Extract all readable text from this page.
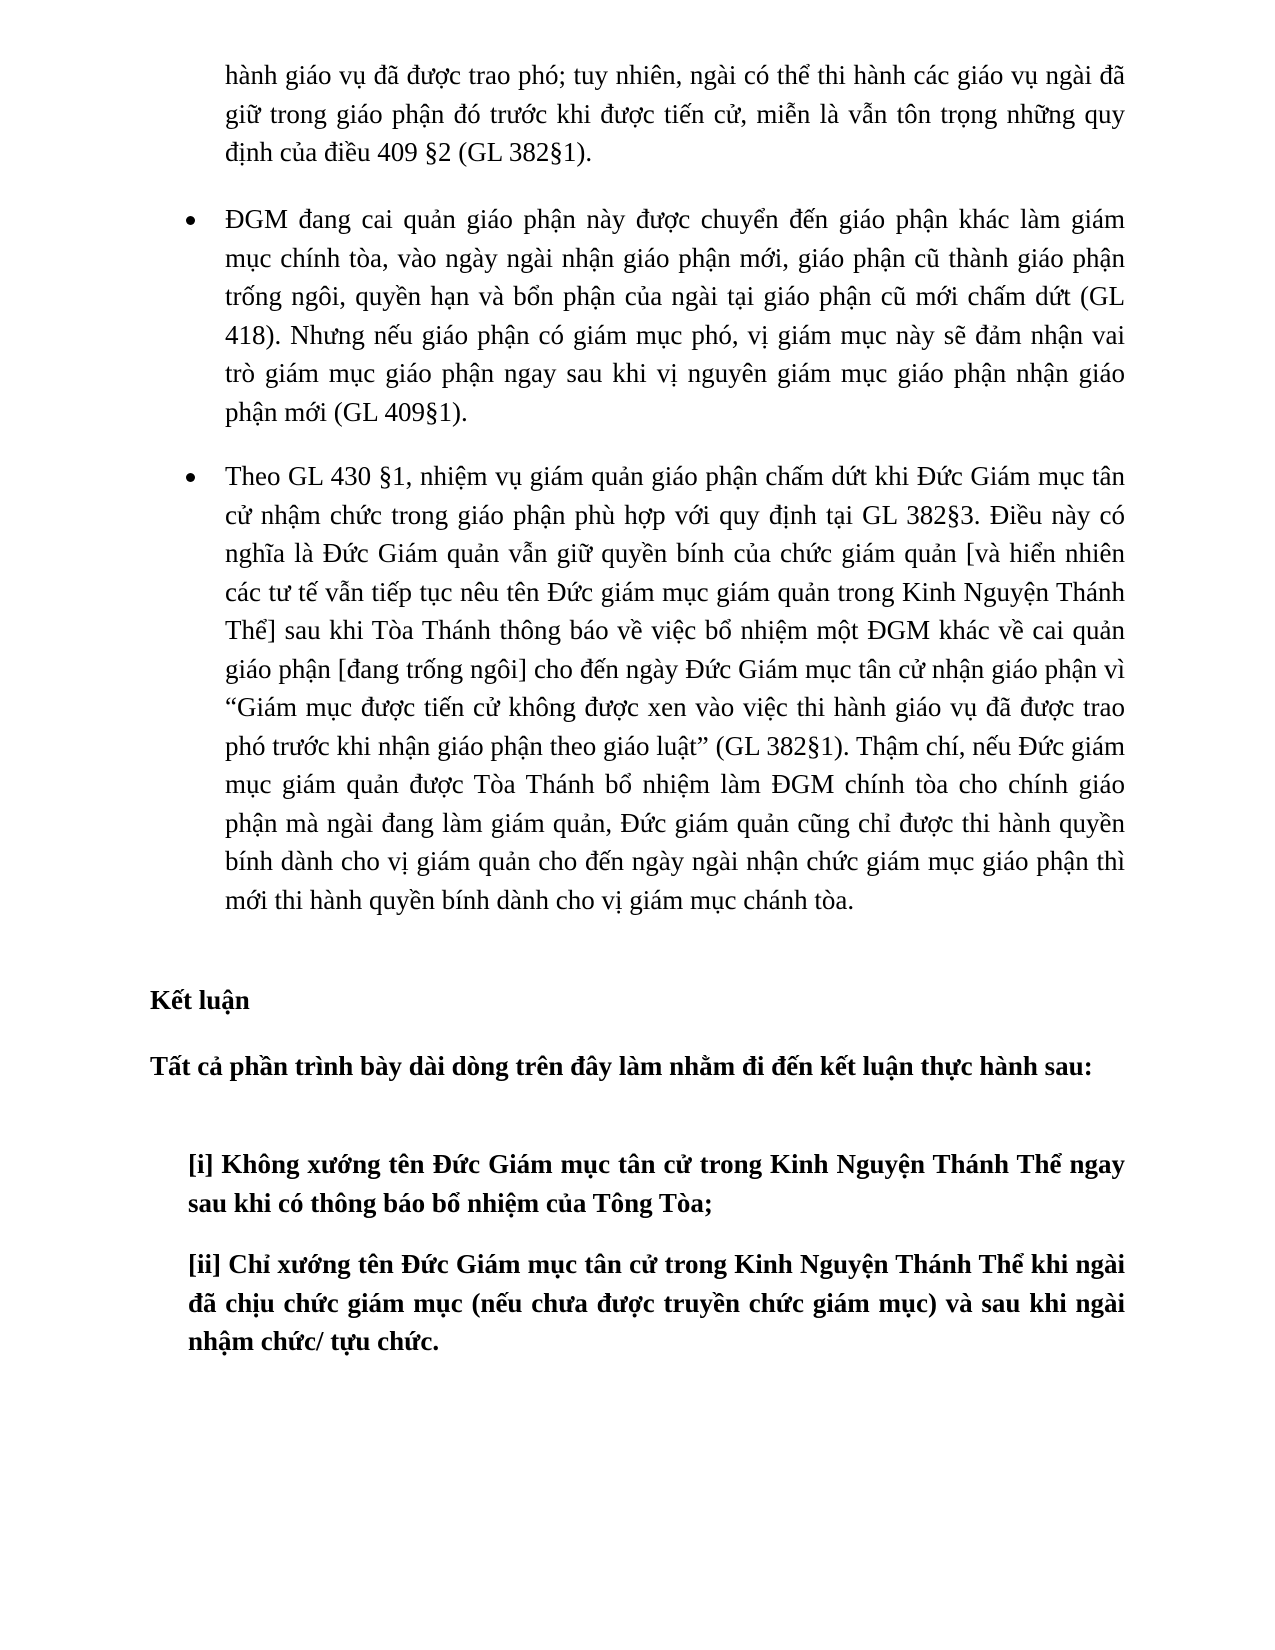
hành giáo vụ đã được trao phó; tuy nhiên, ngài có thể thi hành các giáo vụ ngài đã giữ trong giáo phận đó trước khi được tiến cử, miễn là vẫn tôn trọng những quy định của điều 409 §2 (GL 382§1).

ĐGM đang cai quản giáo phận này được chuyển đến giáo phận khác làm giám mục chính tòa, vào ngày ngài nhận giáo phận mới, giáo phận cũ thành giáo phận trống ngôi, quyền hạn và bổn phận của ngài tại giáo phận cũ mới chấm dứt (GL 418). Nhưng nếu giáo phận có giám mục phó, vị giám mục này sẽ đảm nhận vai trò giám mục giáo phận ngay sau khi vị nguyên giám mục giáo phận nhận giáo phận mới (GL 409§1).
Theo GL 430 §1, nhiệm vụ giám quản giáo phận chấm dứt khi Đức Giám mục tân cử nhậm chức trong giáo phận phù hợp với quy định tại GL 382§3. Điều này có nghĩa là Đức Giám quản vẫn giữ quyền bính của chức giám quản [và hiển nhiên các tư tế vẫn tiếp tục nêu tên Đức giám mục giám quản trong Kinh Nguyện Thánh Thể] sau khi Tòa Thánh thông báo về việc bổ nhiệm một ĐGM khác về cai quản giáo phận [đang trống ngôi] cho đến ngày Đức Giám mục tân cử nhận giáo phận vì “Giám mục được tiến cử không được xen vào việc thi hành giáo vụ đã được trao phó trước khi nhận giáo phận theo giáo luật” (GL 382§1). Thậm chí, nếu Đức giám mục giám quản được Tòa Thánh bổ nhiệm làm ĐGM chính tòa cho chính giáo phận mà ngài đang làm giám quản, Đức giám quản cũng chỉ được thi hành quyền bính dành cho vị giám quản cho đến ngày ngài nhận chức giám mục giáo phận thì mới thi hành quyền bính dành cho vị giám mục chánh tòa.
Kết luận

Tất cả phần trình bày dài dòng trên đây làm nhằm đi đến kết luận thực hành sau:

[i] Không xướng tên Đức Giám mục tân cử trong Kinh Nguyện Thánh Thể ngay sau khi có thông báo bổ nhiệm của Tông Tòa;

[ii] Chỉ xướng tên Đức Giám mục tân cử trong Kinh Nguyện Thánh Thể khi ngài đã chịu chức giám mục (nếu chưa được truyền chức giám mục) và sau khi ngài nhậm chức/ tựu chức.
